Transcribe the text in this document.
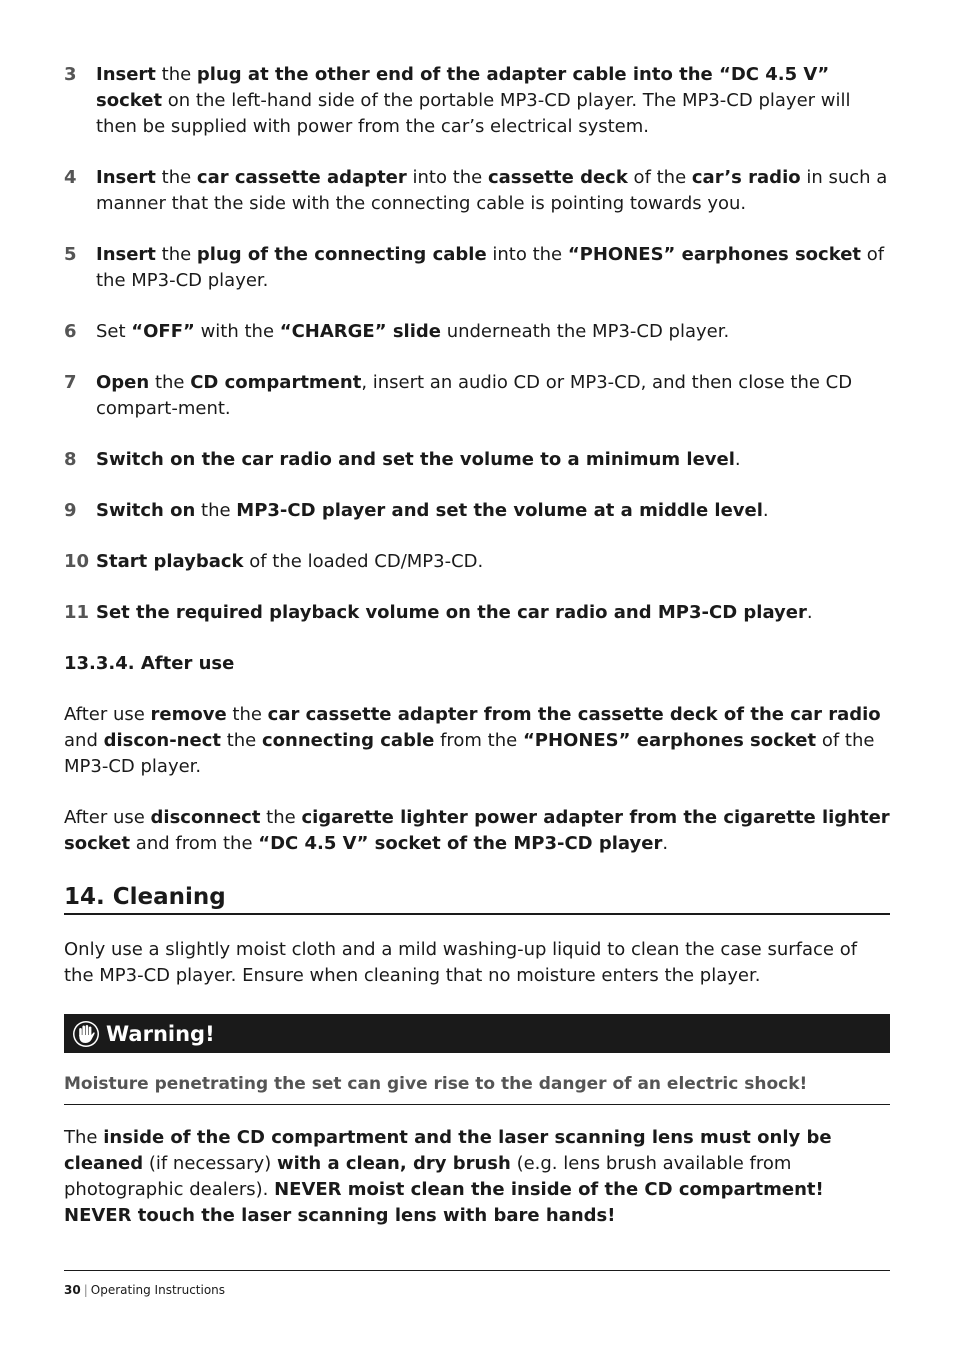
3	Insert the plug at the other end of the adapter cable into the “DC 4.5 V” socket on the left-hand side of the portable MP3-CD player. The MP3-CD player will then be supplied with power from the car’s electrical system.
4	Insert the car cassette adapter into the cassette deck of the car’s radio in such a manner that the side with the connecting cable is pointing towards you.
5	Insert the plug of the connecting cable into the “PHONES” earphones socket of the MP3-CD player.
6	Set “OFF” with the “CHARGE” slide underneath the MP3-CD player.
7	Open the CD compartment, insert an audio CD or MP3-CD, and then close the CD compart-ment.
8	Switch on the car radio and set the volume to a minimum level.
9	Switch on the MP3-CD player and set the volume at a middle level.
10 Start playback of the loaded CD/MP3-CD.
11 Set the required playback volume on the car radio and MP3-CD player.
13.3.4. After use
After use remove the car cassette adapter from the cassette deck of the car radio and discon-nect the connecting cable from the “PHONES” earphones socket of the MP3-CD player.
After use disconnect the cigarette lighter power adapter from the cigarette lighter socket and from the “DC 4.5 V” socket of the MP3-CD player.
14. Cleaning
Only use a slightly moist cloth and a mild washing-up liquid to clean the case surface of the MP3-CD player. Ensure when cleaning that no moisture enters the player.
Warning!
Moisture penetrating the set can give rise to the danger of an electric shock!
The inside of the CD compartment and the laser scanning lens must only be cleaned (if necessary) with a clean, dry brush (e.g. lens brush available from photographic dealers). NEVER moist clean the inside of the CD compartment! NEVER touch the laser scanning lens with bare hands!
30 | Operating Instructions
